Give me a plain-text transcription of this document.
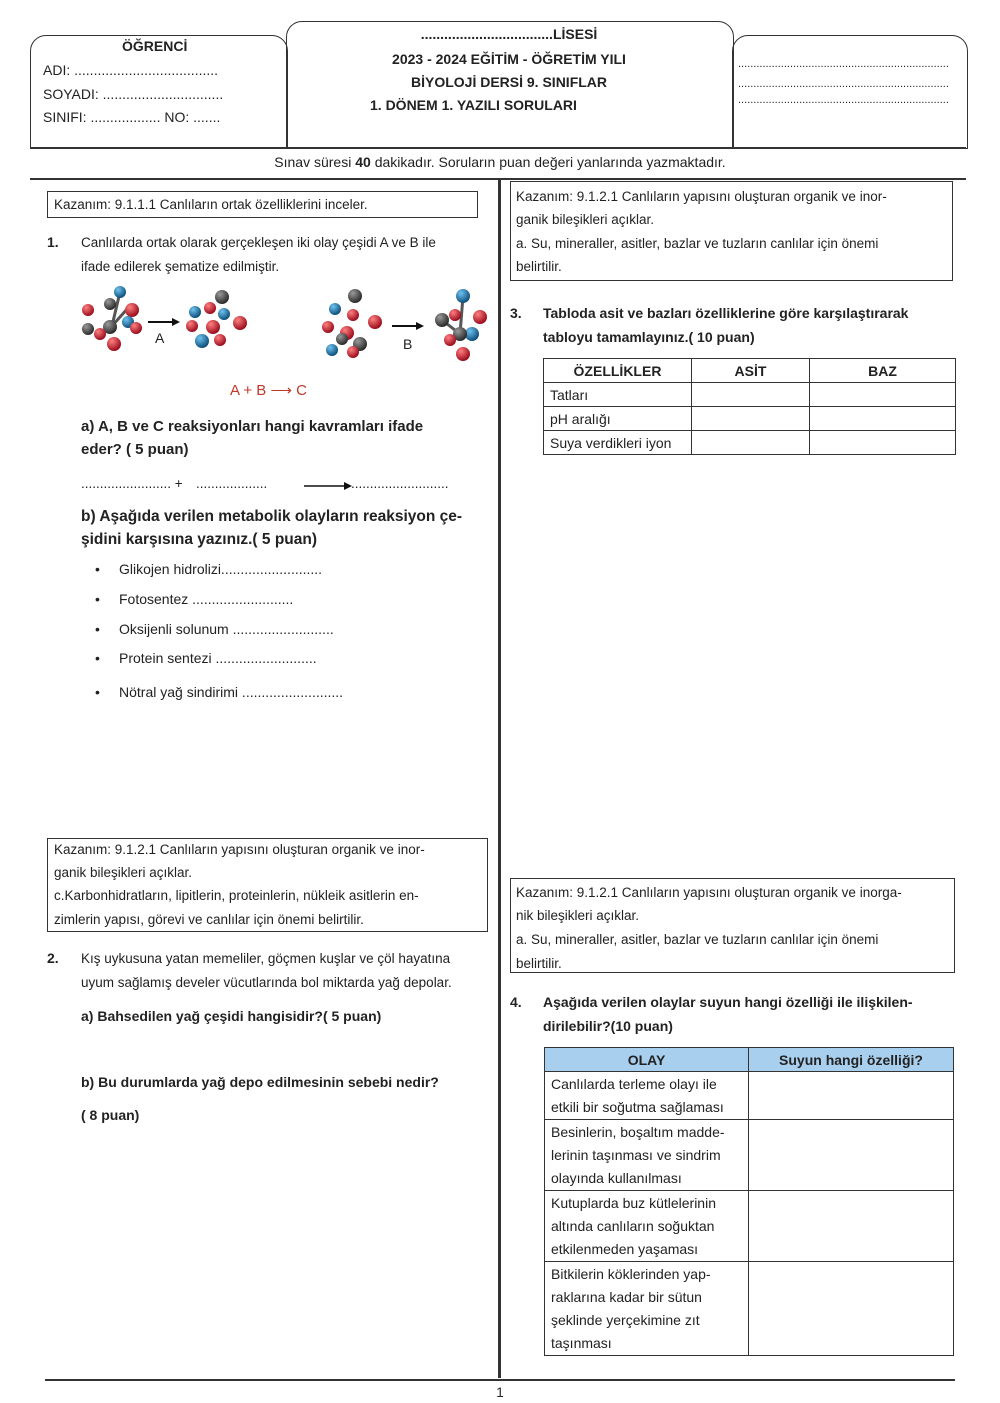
ÖĞRENCİ
ADI: .....................................
SOYADI: ...............................
SINIFI: .................. NO: .......
..................................LİSESİ
2023 - 2024 EĞİTİM - ÖĞRETİM YILI
BİYOLOJİ DERSİ 9. SINIFLAR
1. DÖNEM 1. YAZILI SORULARI
.....................................................................
.....................................................................
.....................................................................
Sınav süresi 40 dakikadır. Soruların puan değeri yanlarında yazmaktadır.
Kazanım: 9.1.1.1 Canlıların ortak özelliklerini inceler.
1. Canlılarda ortak olarak gerçekleşen iki olay çeşidi A ve B ile
ifade edilerek şematize edilmiştir.
A	B
A + B ⟶ C
a) A, B ve C reaksiyonları hangi kavramları ifade
eder? ( 5 puan)
........................ + ...................	..........................
b) Aşağıda verilen metabolik olayların reaksiyon çe-
şidini karşısına yazınız.( 5 puan)
• Glikojen hidrolizi..........................
• Fotosentez ..........................
• Oksijenli solunum ..........................
• Protein sentezi ..........................
• Nötral yağ sindirimi ..........................
Kazanım: 9.1.2.1 Canlıların yapısını oluşturan organik ve inor-
ganik bileşikleri açıklar.
c.Karbonhidratların, lipitlerin, proteinlerin, nükleik asitlerin en-
zimlerin yapısı, görevi ve canlılar için önemi belirtilir.
2. Kış uykusuna yatan memeliler, göçmen kuşlar ve çöl hayatına
uyum sağlamış develer vücutlarında bol miktarda yağ depolar.
a) Bahsedilen yağ çeşidi hangisidir?( 5 puan)
b) Bu durumlarda yağ depo edilmesinin sebebi nedir?
( 8 puan)
Kazanım: 9.1.2.1 Canlıların yapısını oluşturan organik ve inor-
ganik bileşikleri açıklar.
a. Su, mineraller, asitler, bazlar ve tuzların canlılar için önemi
belirtilir.
3. Tabloda asit ve bazları özelliklerine göre karşılaştırarak
tabloyu tamamlayınız.( 10 puan)
ÖZELLİKLER	ASİT	BAZ
Tatları		
pH aralığı		
Suya verdikleri iyon		
Kazanım: 9.1.2.1 Canlıların yapısını oluşturan organik ve inorga-
nik bileşikleri açıklar.
a. Su, mineraller, asitler, bazlar ve tuzların canlılar için önemi
belirtilir.
4. Aşağıda verilen olaylar suyun hangi özelliği ile ilişkilen-
dirilebilir?(10 puan)
OLAY	Suyun hangi özelliği?

Canlılarda terleme olayı ile
etkili bir soğutma sağlaması	

Besinlerin, boşaltım madde-
lerinin taşınması ve sindrim
olayında kullanılması	

Kutuplarda buz kütlelerinin
altında canlıların soğuktan
etkilenmeden yaşaması	

Bitkilerin köklerinden yap-
raklarına kadar bir sütun
şeklinde yerçekimine zıt
taşınması	

1
